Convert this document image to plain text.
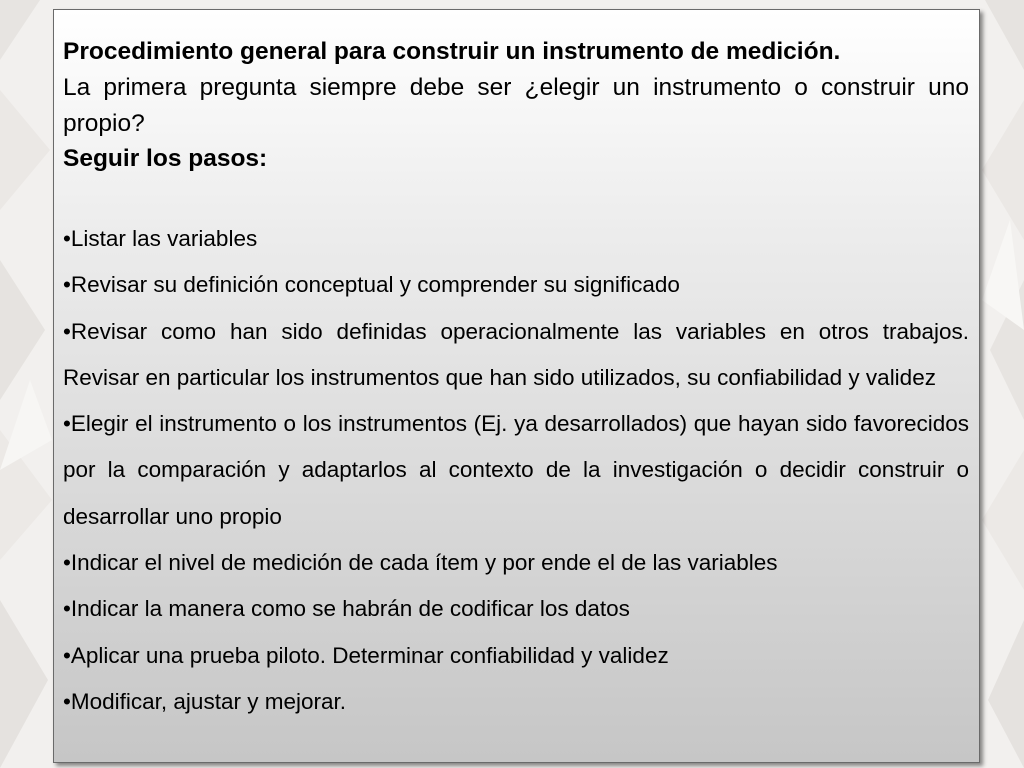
Procedimiento general para construir un instrumento de medición.

La primera pregunta siempre debe ser ¿elegir un instrumento o construir uno propio?

Seguir los pasos:

•Listar las variables
•Revisar su definición conceptual y comprender su significado
•Revisar como han sido definidas operacionalmente las variables en otros trabajos. Revisar en particular los instrumentos que han sido utilizados, su confiabilidad y validez
•Elegir el instrumento o los instrumentos (Ej. ya desarrollados) que hayan sido favorecidos por la comparación y adaptarlos al contexto de la investigación o decidir construir o desarrollar uno propio
•Indicar el nivel de medición de cada ítem y por ende el de las variables
•Indicar la manera como se habrán de codificar los datos
•Aplicar una prueba piloto. Determinar confiabilidad y validez
•Modificar, ajustar y mejorar.
